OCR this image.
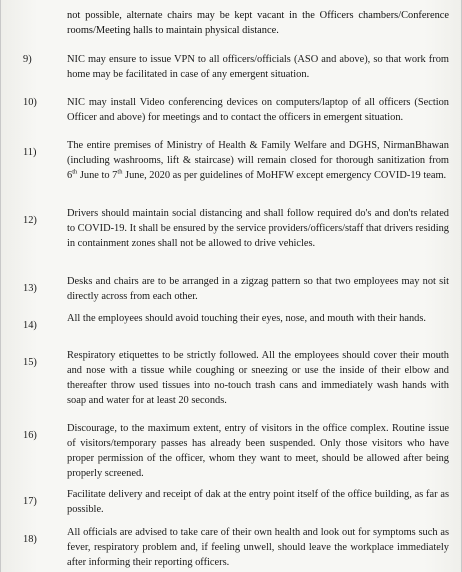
not possible, alternate chairs may be kept vacant in the Officers chambers/Conference rooms/Meeting halls to maintain physical distance.
9)	NIC may ensure to issue VPN to all officers/officials (ASO and above), so that work from home may be facilitated in case of any emergent situation.
10)	NIC may install Video conferencing devices on computers/laptop of all officers (Section Officer and above) for meetings and to contact the officers in emergent situation.
11)
The entire premises of Ministry of Health & Family Welfare and DGHS, NirmanBhawan (including washrooms, lift & staircase) will remain closed for thorough sanitization from 6th June to 7th June, 2020 as per guidelines of MoHFW except emergency COVID-19 team.
12)
Drivers should maintain social distancing and shall follow required do's and don'ts related to COVID-19. It shall be ensured by the service providers/officers/staff that drivers residing in containment zones shall not be allowed to drive vehicles.
13)
Desks and chairs are to be arranged in a zigzag pattern so that two employees may not sit directly across from each other.
14)
All the employees should avoid touching their eyes, nose, and mouth with their hands.
15)
Respiratory etiquettes to be strictly followed. All the employees should cover their mouth and nose with a tissue while coughing or sneezing or use the inside of their elbow and thereafter throw used tissues into no-touch trash cans and immediately wash hands with soap and water for at least 20 seconds.
16)
Discourage, to the maximum extent, entry of visitors in the office complex. Routine issue of visitors/temporary passes has already been suspended. Only those visitors who have proper permission of the officer, whom they want to meet, should be allowed after being properly screened.
17)
Facilitate delivery and receipt of dak at the entry point itself of the office building, as far as possible.
18)
All officials are advised to take care of their own health and look out for symptoms such as fever, respiratory problem and, if feeling unwell, should leave the workplace immediately after informing their reporting officers.
